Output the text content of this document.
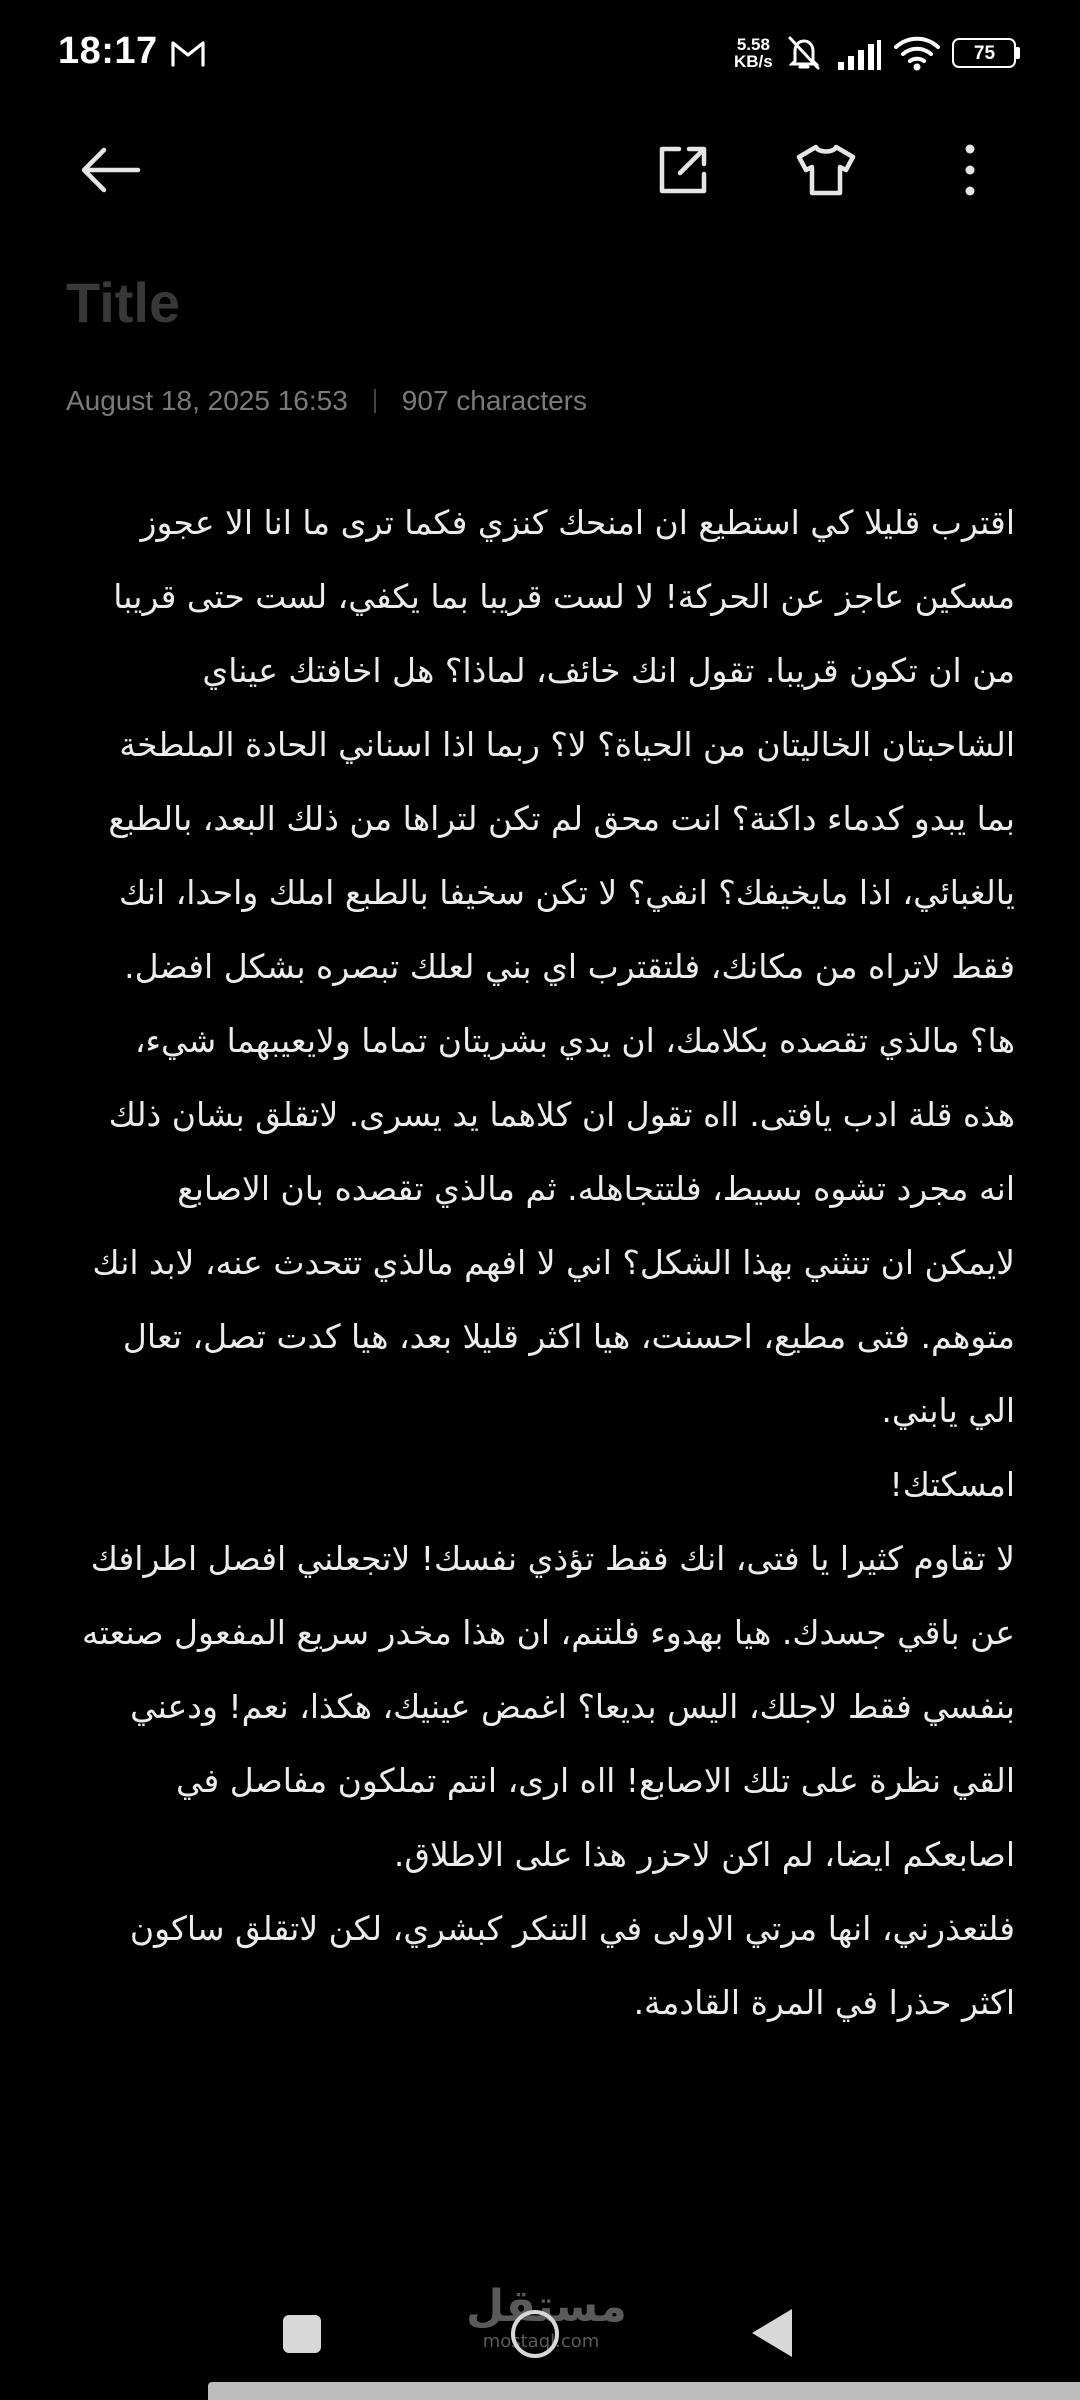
18:17	5.58
KB/s	75
Title
August 18, 2025 16:53 907 characters

اقترب قليلا كي استطيع ان امنحك كنزي فكما ترى ما انا الا عجوز مسكين عاجز عن الحركة! لا لست قريبا بما يكفي، لست حتى قريبا من ان تكون قريبا. تقول انك خائف، لماذا؟ هل اخافتك عيناي الشاحبتان الخاليتان من الحياة؟ لا؟ ربما اذا اسناني الحادة الملطخة بما يبدو كدماء داكنة؟ انت محق لم تكن لتراها من ذلك البعد، بالطبع يالغبائي، اذا مايخيفك؟ انفي؟ لا تكن سخيفا بالطبع املك واحدا، انك فقط لاتراه من مكانك، فلتقترب اي بني لعلك تبصره بشكل افضل.

ها؟ مالذي تقصده بكلامك، ان يدي بشريتان تماما ولايعيبهما شيء، هذه قلة ادب يافتى. ااه تقول ان كلاهما يد يسرى. لاتقلق بشان ذلك انه مجرد تشوه بسيط، فلتتجاهله. ثم مالذي تقصده بان الاصابع لايمكن ان تنثني بهذا الشكل؟ اني لا افهم مالذي تتحدث عنه، لابد انك متوهم. فتى مطيع، احسنت، هيا اكثر قليلا بعد، هيا كدت تصل، تعال الي يابني.

امسكتك!

لا تقاوم كثيرا يا فتى، انك فقط تؤذي نفسك! لاتجعلني افصل اطرافك عن باقي جسدك. هيا بهدوء فلتنم، ان هذا مخدر سريع المفعول صنعته بنفسي فقط لاجلك، اليس بديعا؟ اغمض عينيك، هكذا، نعم! ودعني القي نظرة على تلك الاصابع! ااه ارى، انتم تملكون مفاصل في اصابعكم ايضا، لم اكن لاحزر هذا على الاطلاق.

فلتعذرني، انها مرتي الاولى في التنكر كبشري، لكن لاتقلق ساكون اكثر حذرا في المرة القادمة.

مستقل
mostaql.com
